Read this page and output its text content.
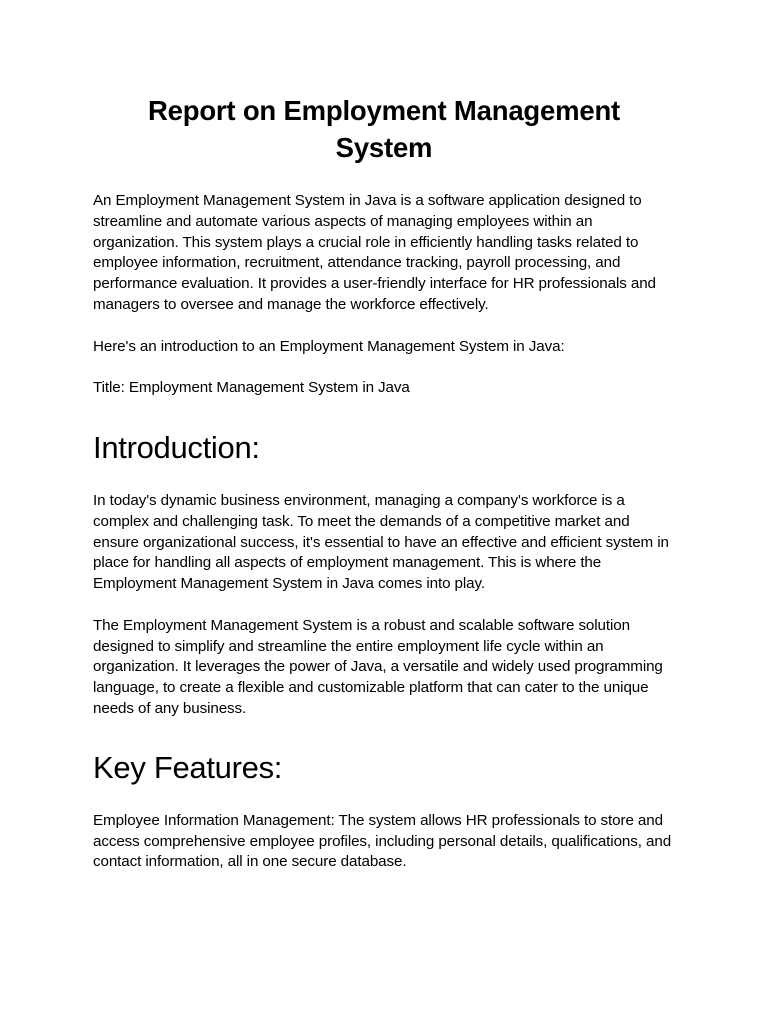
Report on Employment Management System

An Employment Management System in Java is a software application designed to streamline and automate various aspects of managing employees within an organization. This system plays a crucial role in efficiently handling tasks related to employee information, recruitment, attendance tracking, payroll processing, and performance evaluation. It provides a user-friendly interface for HR professionals and managers to oversee and manage the workforce effectively.

Here's an introduction to an Employment Management System in Java:

Title: Employment Management System in Java

Introduction:

In today's dynamic business environment, managing a company's workforce is a complex and challenging task. To meet the demands of a competitive market and ensure organizational success, it's essential to have an effective and efficient system in place for handling all aspects of employment management. This is where the Employment Management System in Java comes into play.

The Employment Management System is a robust and scalable software solution designed to simplify and streamline the entire employment life cycle within an organization. It leverages the power of Java, a versatile and widely used programming language, to create a flexible and customizable platform that can cater to the unique needs of any business.

Key Features:

Employee Information Management: The system allows HR professionals to store and access comprehensive employee profiles, including personal details, qualifications, and contact information, all in one secure database.
